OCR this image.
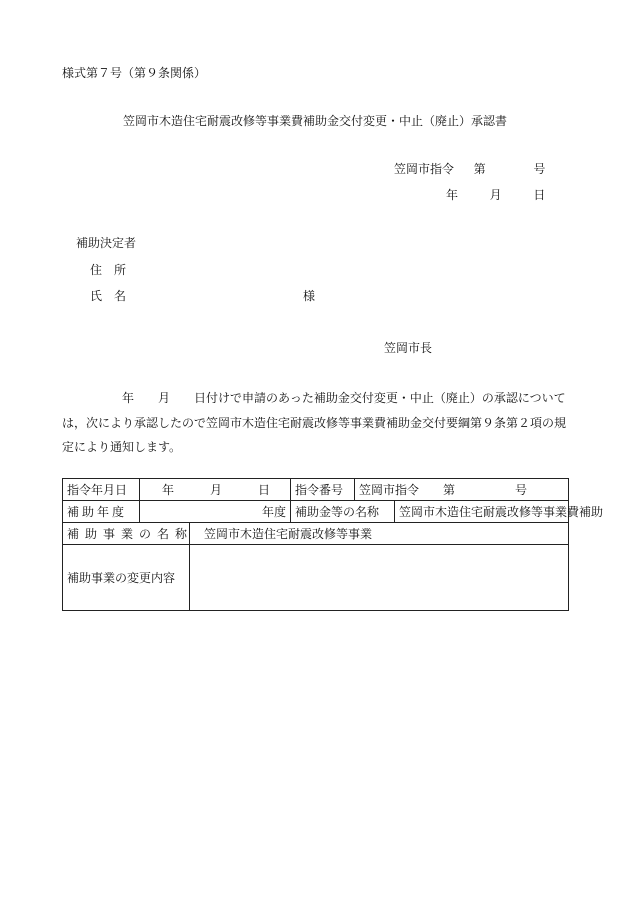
様式第７号（第９条関係）
笠岡市木造住宅耐震改修等事業費補助金交付変更・中止（廃止）承認書
笠岡市指令 第	号
年	月	日
補助決定者
住　所
氏　名	様
笠岡市長
年　　月　　日付けで申請のあった補助金交付変更・中止（廃止）の承認については，次により承認したので笠岡市木造住宅耐震改修等事業費補助金交付要綱第９条第２項の規定により通知します。
指令年月日	年　　　月　　　日		指令番号	笠岡市指令　　第　　　　　号	
補助年度	年度		補助金等の名称		笠岡市木造住宅耐震改修等事業費補助
補助事業の名称		笠岡市木造住宅耐震改修等事業			
補助事業の変更内容					
